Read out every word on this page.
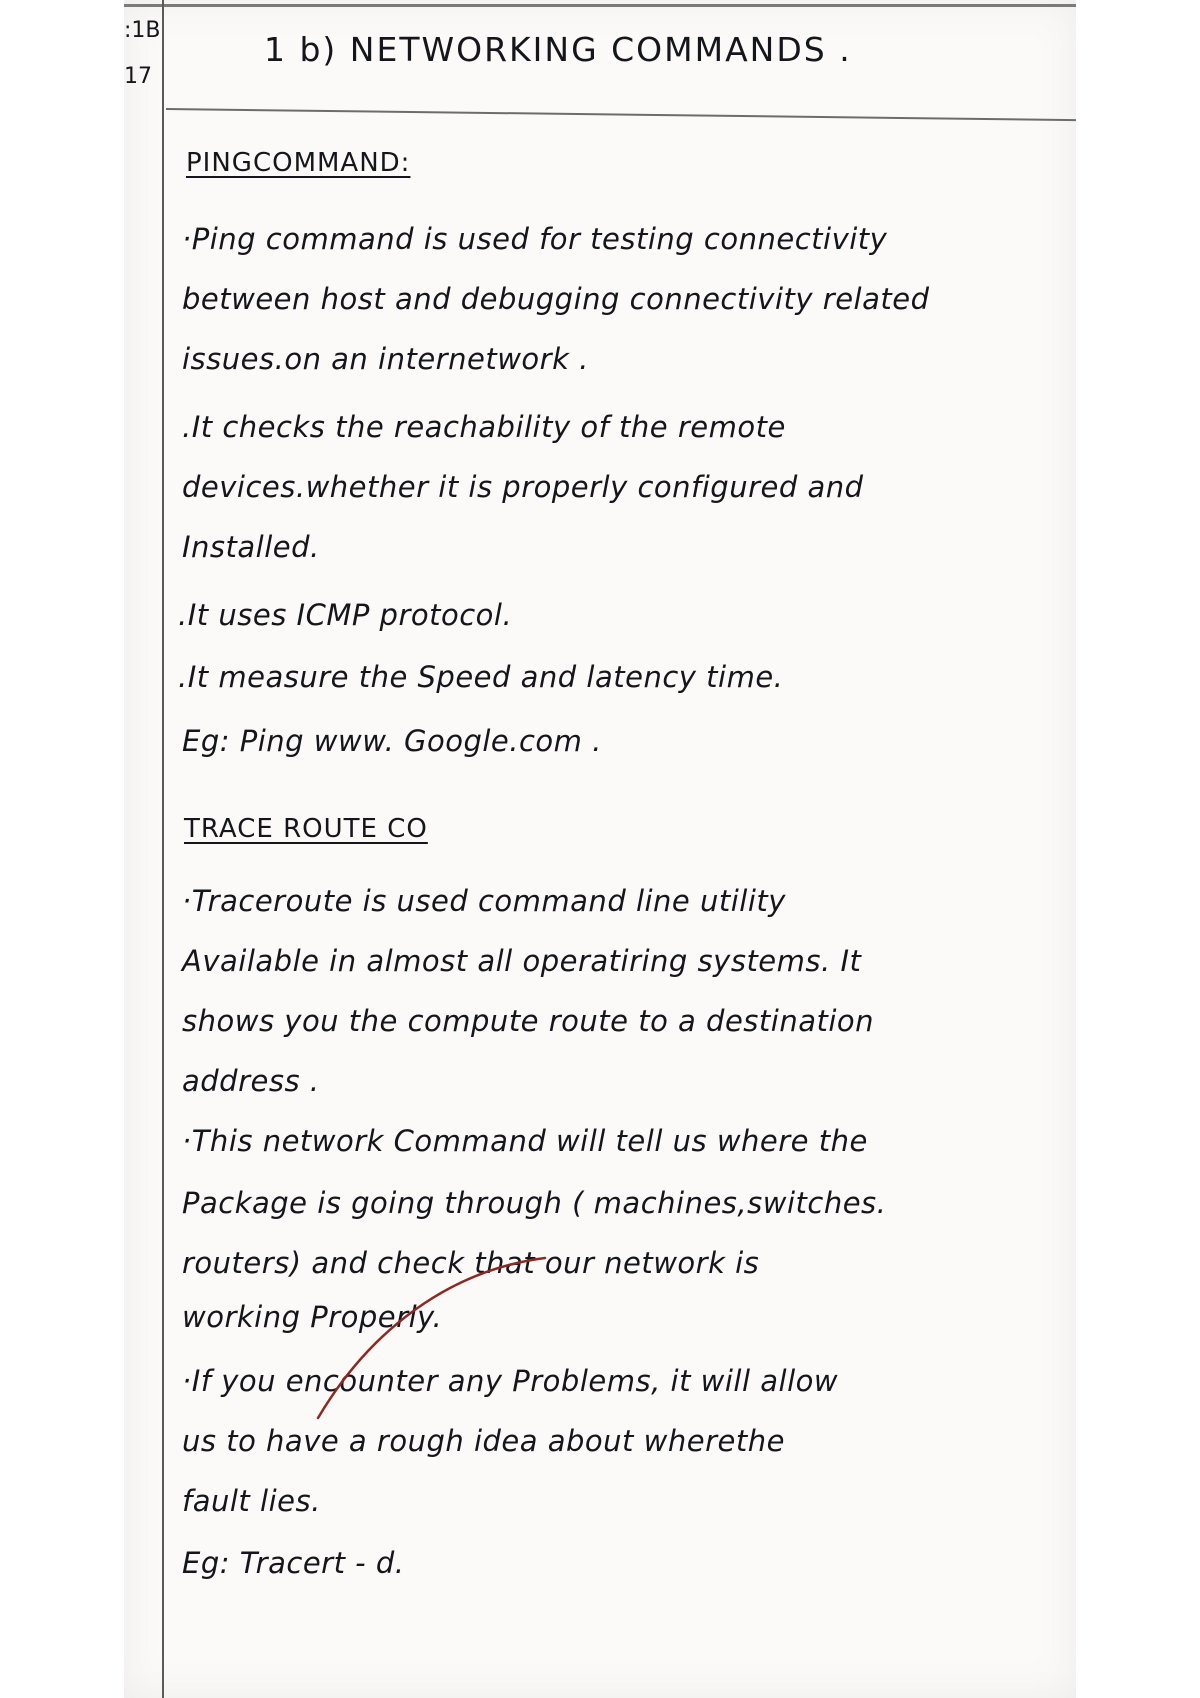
:1B
17
1 b) NETWORKING COMMANDS .
PINGCOMMAND:
·Ping command is used for testing connectivity
between host and debugging connectivity related
issues.on an internetwork .
.It checks the reachability of the remote
devices.whether it is properly configured and
Installed.
.It uses ICMP protocol.
.It measure the Speed and latency time.
Eg: Ping www. Google.com .
TRACE ROUTE CO
·Traceroute is used command line utility
Available in almost all operatiring systems. It
shows you the compute route to a destination
address .
·This network Command will tell us where the
Package is going through ( machines,switches.
routers) and check that our network is
working Properly.
·If you encounter any Problems, it will allow
us to have a rough idea about wherethe
fault lies.
Eg: Tracert - d.
